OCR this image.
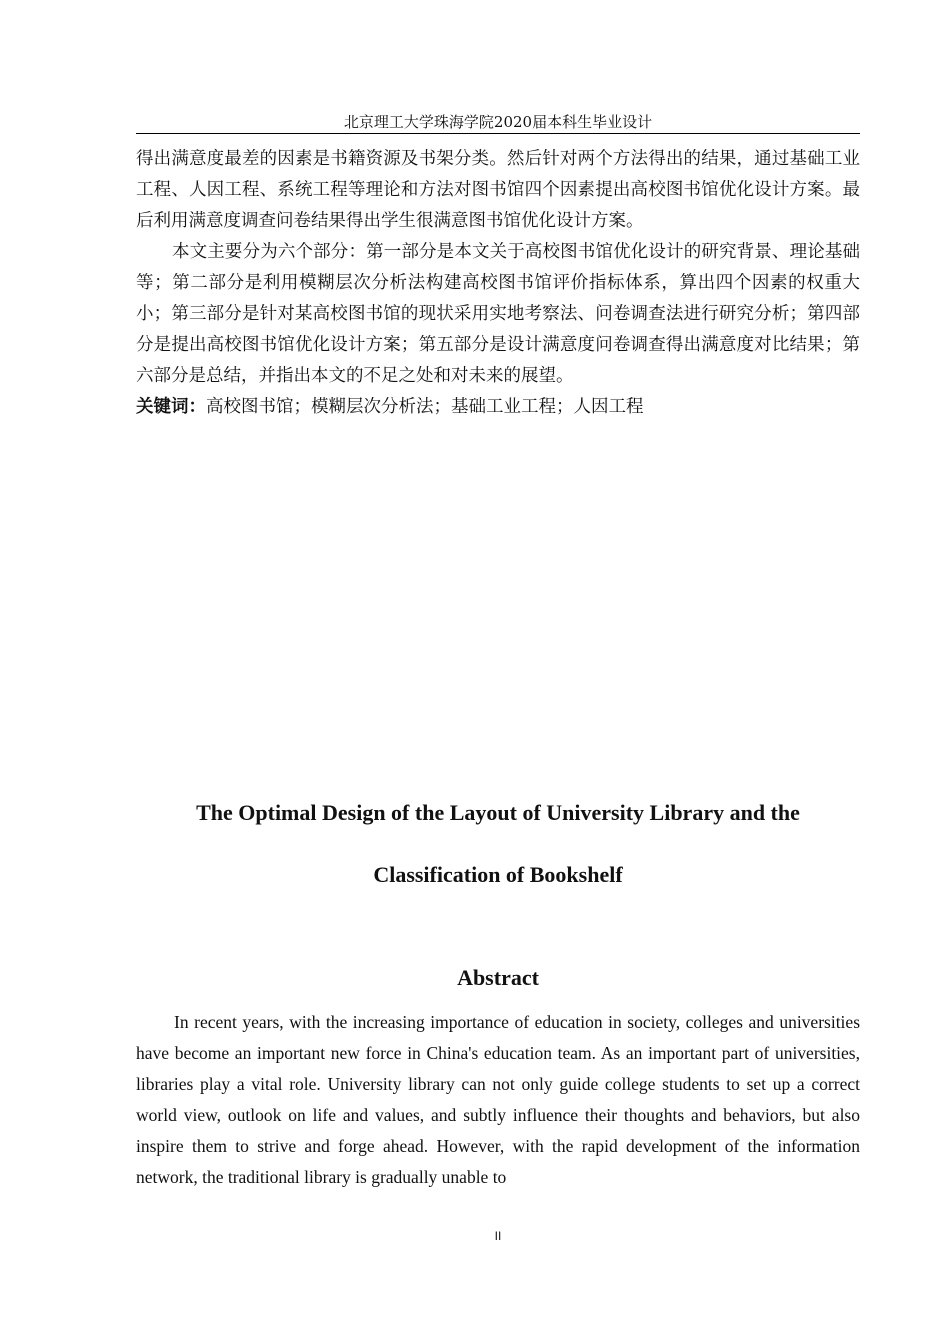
北京理工大学珠海学院2020届本科生毕业设计

得出满意度最差的因素是书籍资源及书架分类。然后针对两个方法得出的结果，通过基础工业工程、人因工程、系统工程等理论和方法对图书馆四个因素提出高校图书馆优化设计方案。最后利用满意度调查问卷结果得出学生很满意图书馆优化设计方案。

本文主要分为六个部分：第一部分是本文关于高校图书馆优化设计的研究背景、理论基础等；第二部分是利用模糊层次分析法构建高校图书馆评价指标体系，算出四个因素的权重大小；第三部分是针对某高校图书馆的现状采用实地考察法、问卷调查法进行研究分析；第四部分是提出高校图书馆优化设计方案；第五部分是设计满意度问卷调查得出满意度对比结果；第六部分是总结，并指出本文的不足之处和对未来的展望。

关键词：高校图书馆；模糊层次分析法；基础工业工程；人因工程

The Optimal Design of the Layout of University Library and the
Classification of Bookshelf
Abstract

In recent years, with the increasing importance of education in society, colleges and universities have become an important new force in China's education team. As an important part of universities, libraries play a vital role. University library can not only guide college students to set up a correct world view, outlook on life and values, and subtly influence their thoughts and behaviors, but also inspire them to strive and forge ahead. However, with the rapid development of the information network, the traditional library is gradually unable to

II
